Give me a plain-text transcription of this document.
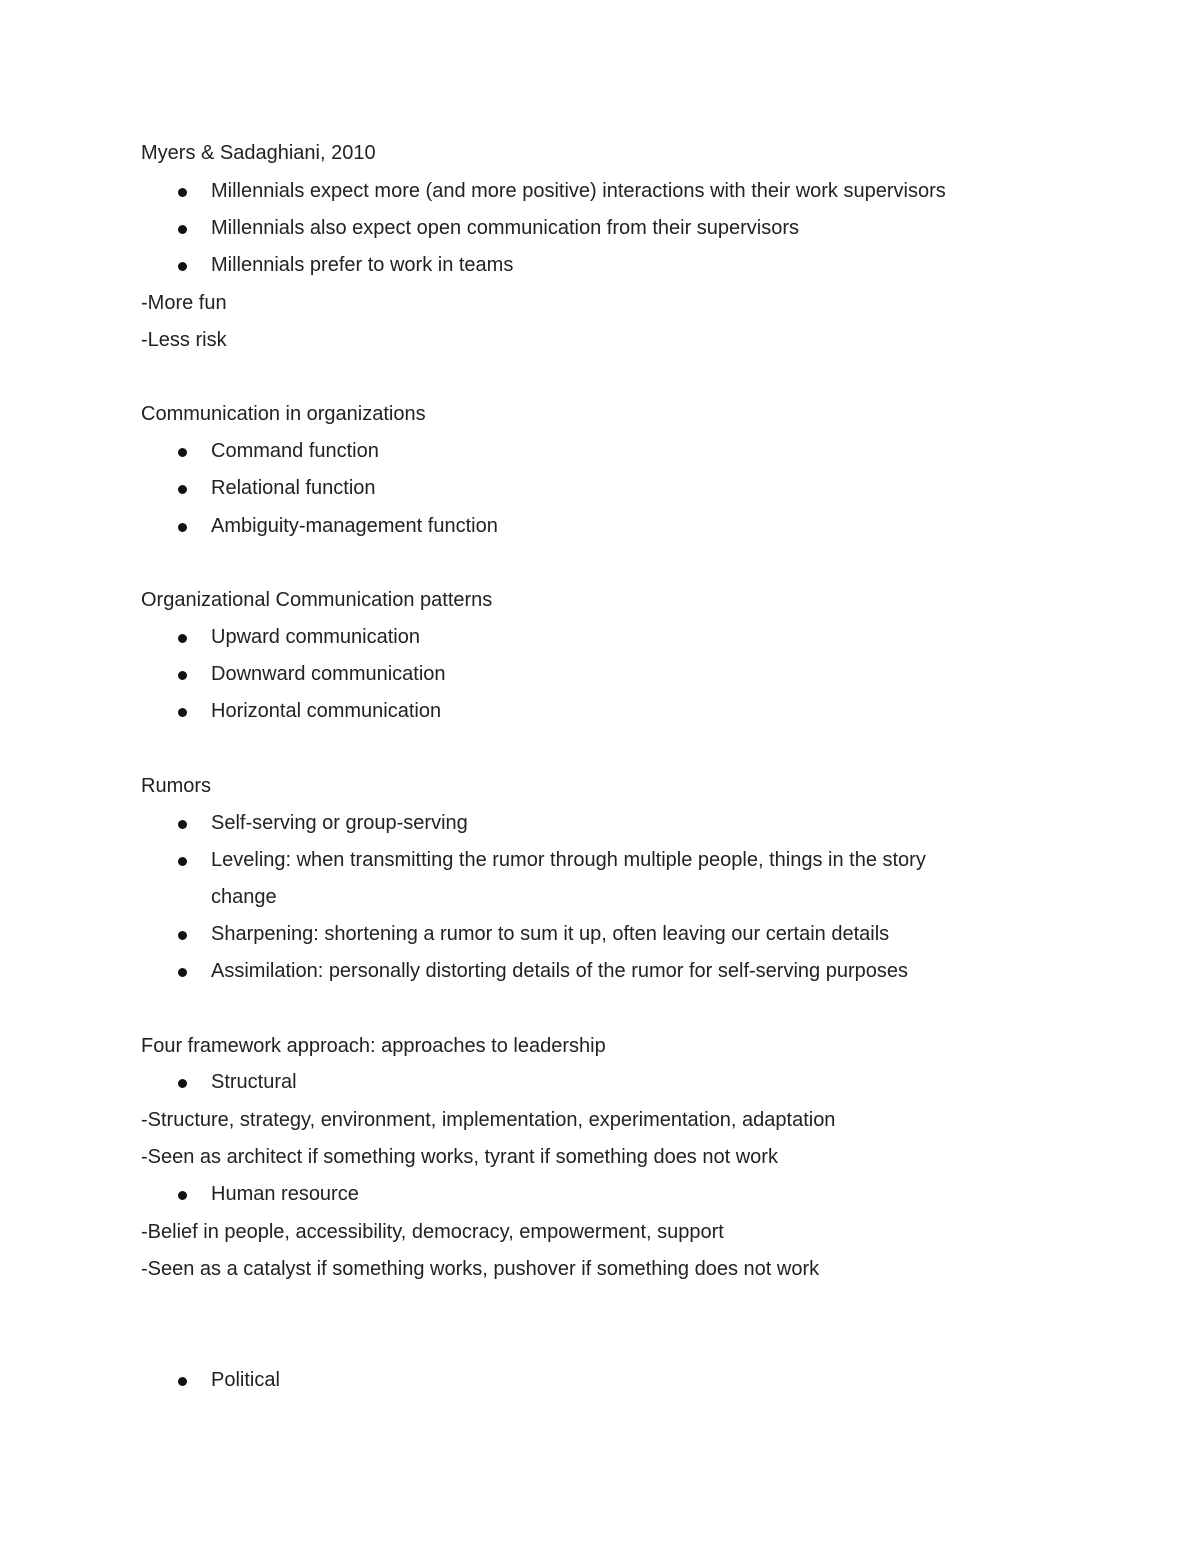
Myers & Sadaghiani, 2010
Millennials expect more (and more positive) interactions with their work supervisors
Millennials also expect open communication from their supervisors
Millennials prefer to work in teams
-More fun
-Less risk
Communication in organizations
Command function
Relational function
Ambiguity-management function
Organizational Communication patterns
Upward communication
Downward communication
Horizontal communication
Rumors
Self-serving or group-serving
Leveling: when transmitting the rumor through multiple people, things in the story
change
Sharpening: shortening a rumor to sum it up, often leaving our certain details
Assimilation: personally distorting details of the rumor for self-serving purposes
Four framework approach: approaches to leadership
Structural
-Structure, strategy, environment, implementation, experimentation, adaptation
-Seen as architect if something works, tyrant if something does not work
Human resource
-Belief in people, accessibility, democracy, empowerment, support
-Seen as a catalyst if something works, pushover if something does not work
Political
